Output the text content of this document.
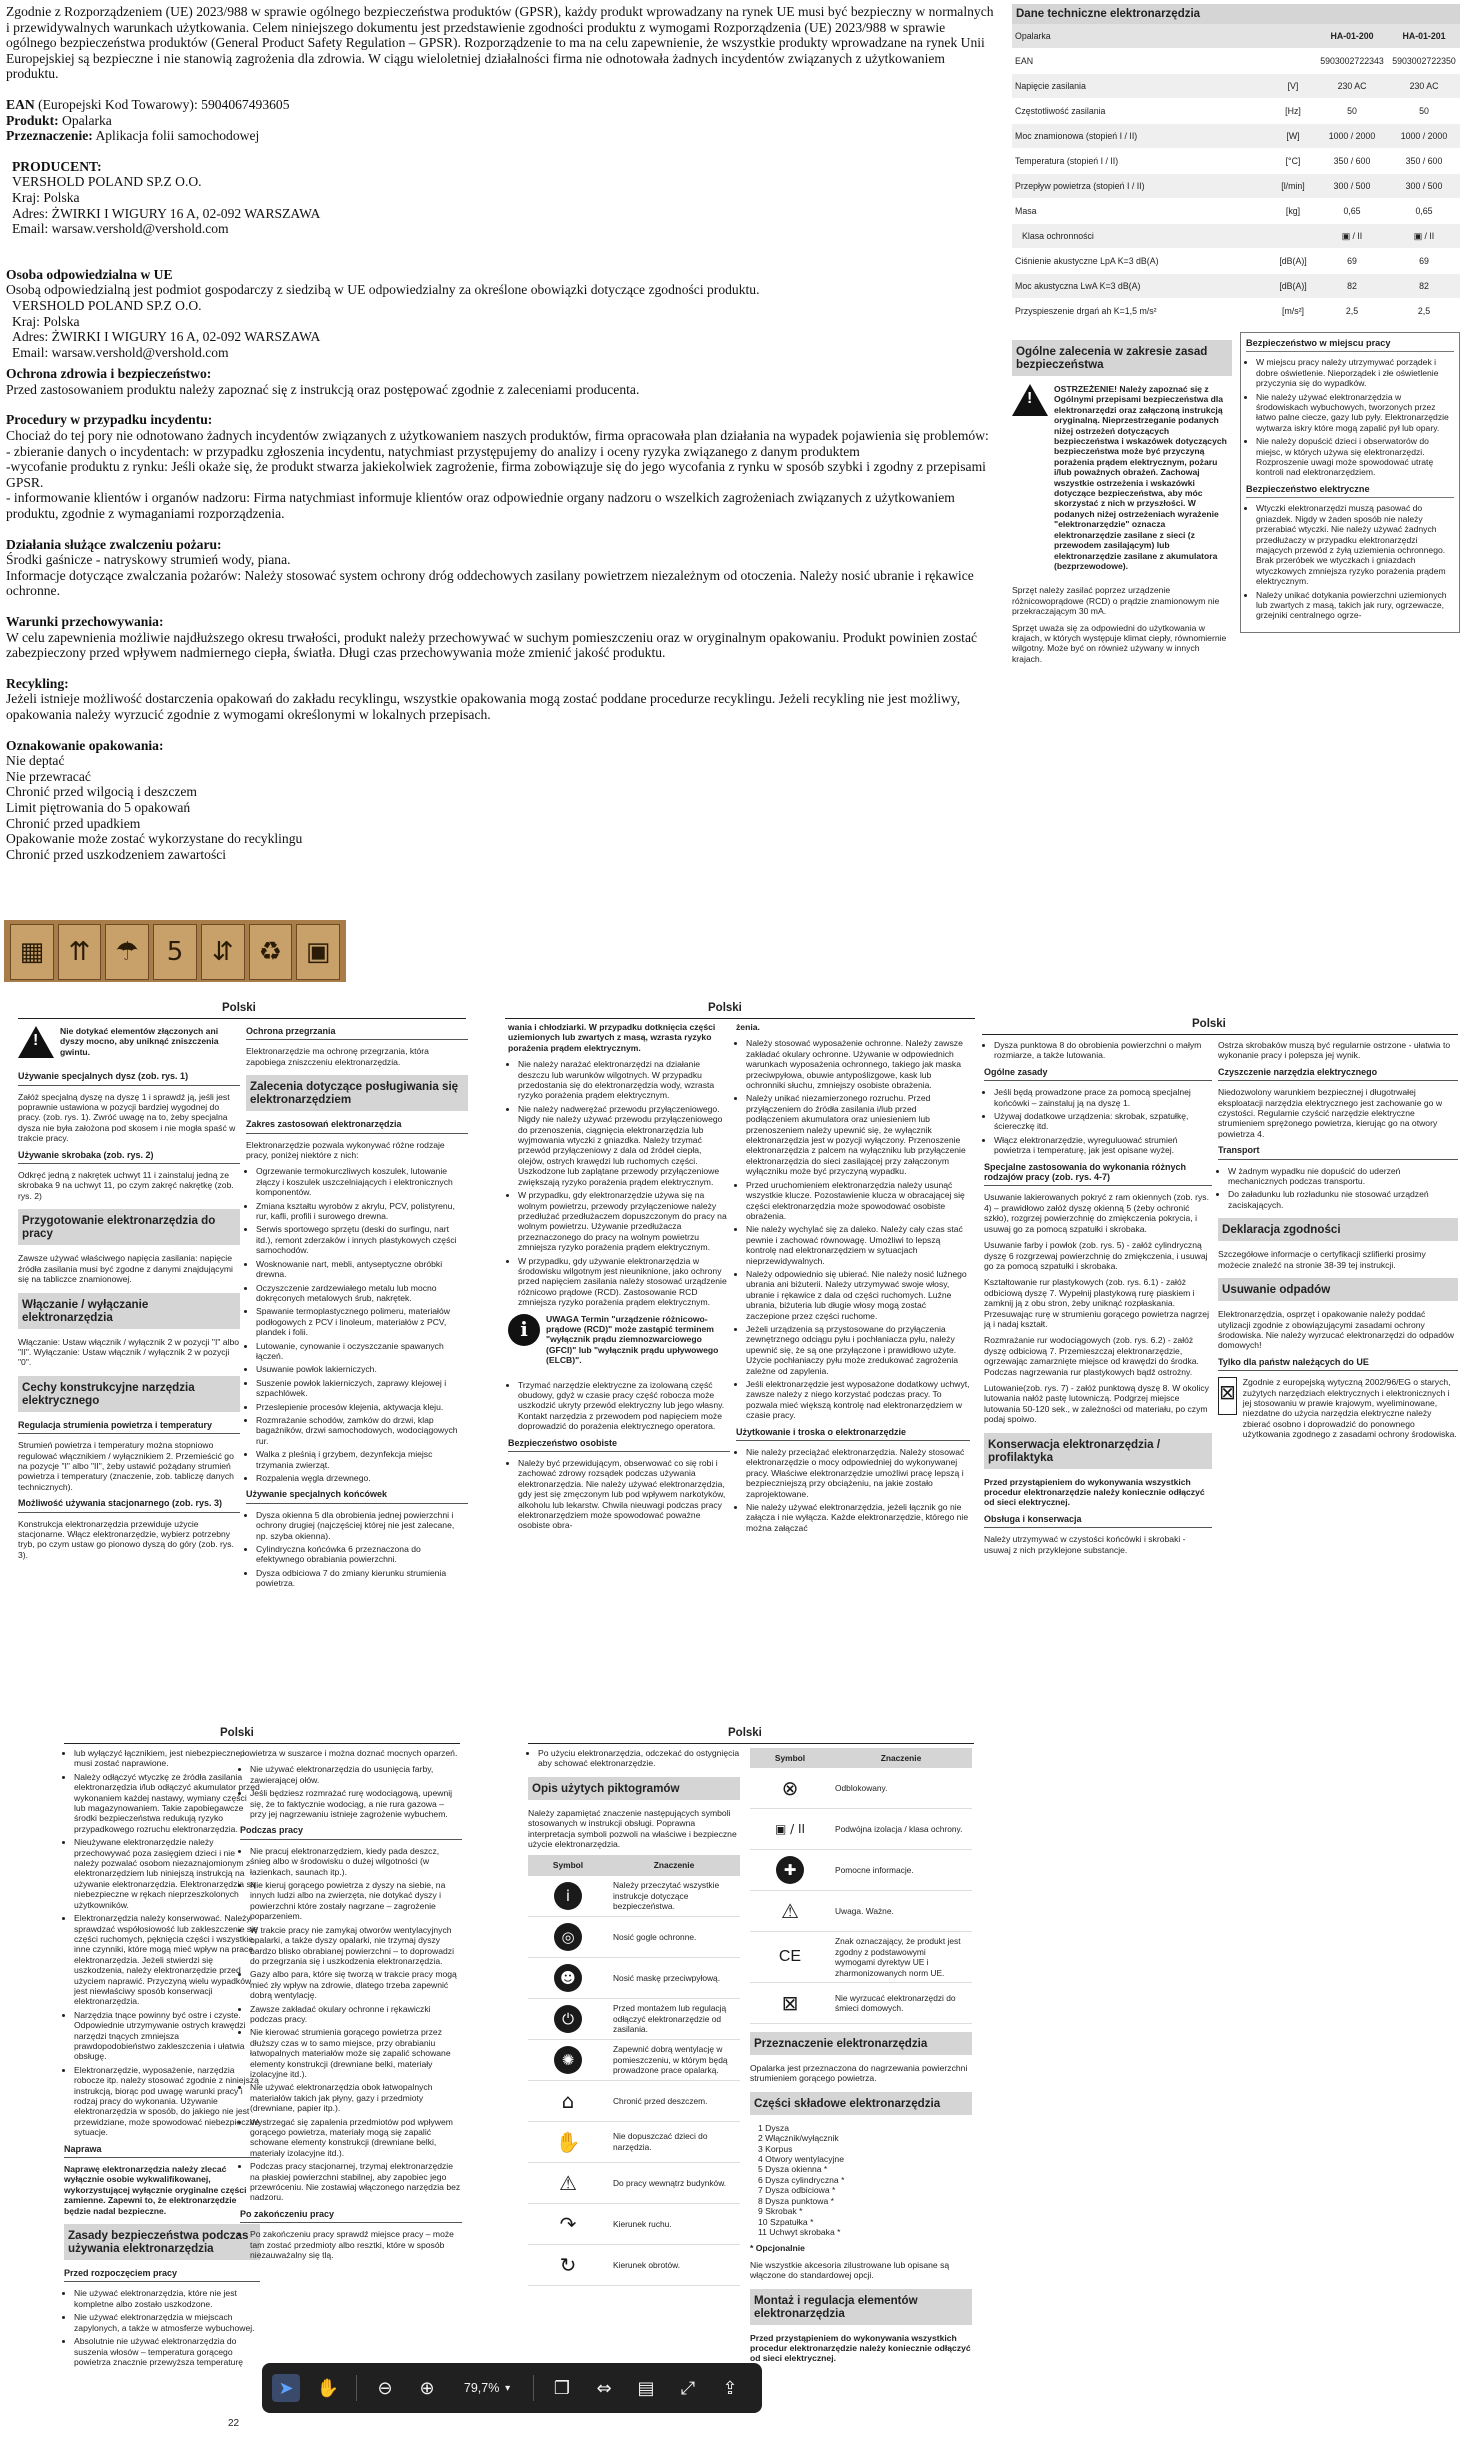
Zgodnie z Rozporządzeniem (UE) 2023/988 w sprawie ogólnego bezpieczeństwa produktów (GPSR), każdy produkt wprowadzany na rynek UE musi być bezpieczny w normalnych i przewidywalnych warunkach użytkowania. Celem niniejszego dokumentu jest przedstawienie zgodności produktu z wymogami Rozporządzenia (UE) 2023/988 w sprawie ogólnego bezpieczeństwa produktów (General Product Safety Regulation – GPSR). Rozporządzenie to ma na celu zapewnienie, że wszystkie produkty wprowadzane na rynek Unii Europejskiej są bezpieczne i nie stanowią zagrożenia dla zdrowia. W ciągu wieloletniej działalności firma nie odnotowała żadnych incydentów związanych z użytkowaniem produktu.

EAN (Europejski Kod Towarowy): 5904067493605

Produkt: Opalarka

Przeznaczenie: Aplikacja folii samochodowej

PRODUCENT:

VERSHOLD POLAND SP.Z O.O.

Kraj: Polska

Adres: ŻWIRKI I WIGURY 16 A, 02-092 WARSZAWA

Email: warsaw.vershold@vershold.com

Osoba odpowiedzialna w UE

Osobą odpowiedzialną jest podmiot gospodarczy z siedzibą w UE odpowiedzialny za określone obowiązki dotyczące zgodności produktu.

VERSHOLD POLAND SP.Z O.O.

Kraj: Polska

Adres: ŻWIRKI I WIGURY 16 A, 02-092 WARSZAWA

Email: warsaw.vershold@vershold.com

Ochrona zdrowia i bezpieczeństwo:

Przed zastosowaniem produktu należy zapoznać się z instrukcją oraz postępować zgodnie z zaleceniami producenta.

Procedury w przypadku incydentu:

Chociaż do tej pory nie odnotowano żadnych incydentów związanych z użytkowaniem naszych produktów, firma opracowała plan działania na wypadek pojawienia się problemów:

- zbieranie danych o incydentach: w przypadku zgłoszenia incydentu, natychmiast przystępujemy do analizy i oceny ryzyka związanego z danym produktem

-wycofanie produktu z rynku: Jeśli okaże się, że produkt stwarza jakiekolwiek zagrożenie, firma zobowiązuje się do jego wycofania z rynku w sposób szybki i zgodny z przepisami GPSR.

- informowanie klientów i organów nadzoru: Firma natychmiast informuje klientów oraz odpowiednie organy nadzoru o wszelkich zagrożeniach związanych z użytkowaniem produktu, zgodnie z wymaganiami rozporządzenia.

Działania służące zwalczeniu pożaru:

Środki gaśnicze - natryskowy strumień wody, piana.

Informacje dotyczące zwalczania pożarów: Należy stosować system ochrony dróg oddechowych zasilany powietrzem niezależnym od otoczenia. Należy nosić ubranie i rękawice ochronne.

Warunki przechowywania:

W celu zapewnienia możliwie najdłuższego okresu trwałości, produkt należy przechowywać w suchym pomieszczeniu oraz w oryginalnym opakowaniu. Produkt powinien zostać zabezpieczony przed wpływem nadmiernego ciepła, światła. Długi czas przechowywania może zmienić jakość produktu.

Recykling:

Jeżeli istnieje możliwość dostarczenia opakowań do zakładu recyklingu, wszystkie opakowania mogą zostać poddane procedurze recyklingu. Jeżeli recykling nie jest możliwy, opakowania należy wyrzucić zgodnie z wymogami określonymi w lokalnych przepisach.

Oznakowanie opakowania:

Nie deptać

Nie przewracać

Chronić przed wilgocią i deszczem

Limit piętrowania do 5 opakowań

Chronić przed upadkiem

Opakowanie może zostać wykorzystane do recyklingu

Chronić przed uszkodzeniem zawartości

▦ ⇈ ☂	5	⇵ ♻ ▣
Dane techniczne elektronarzędzia
Opalarka		HA-01-200	HA-01-201
EAN		5903002722343	5903002722350
Napięcie zasilania	[V]	230 AC	230 AC
Częstotliwość zasilania	[Hz]	50	50
Moc znamionowa (stopień I / II)	[W]	1000 / 2000	1000 / 2000
Temperatura (stopień I / II)	[°C]	350 / 600	350 / 600
Przepływ powietrza (stopień I / II)	[l/min]	300 / 500	300 / 500
Masa	[kg]	0,65	0,65
Klasa ochronności		▣ / II	▣ / II
Ciśnienie akustyczne LpA K=3 dB(A)	[dB(A)]	69	69
Moc akustyczna LwA K=3 dB(A)	[dB(A)]	82	82
Przyspieszenie drgań ah K=1,5 m/s²	[m/s²]	2,5	2,5
Ogólne zalecenia w zakresie zasad bezpieczeństwa
!

OSTRZEŻENIE! Należy zapoznać się z Ogólnymi przepisami bezpieczeństwa dla elektronarzędzi oraz załączoną instrukcją oryginalną. Nieprzestrzeganie podanych niżej ostrzeżeń dotyczących bezpieczeństwa i wskazówek dotyczących bezpieczeństwa może być przyczyną porażenia prądem elektrycznym, pożaru i/lub poważnych obrażeń. Zachowaj wszystkie ostrzeżenia i wskazówki dotyczące bezpieczeństwa, aby móc skorzystać z nich w przyszłości. W podanych niżej ostrzeżeniach wyrażenie "elektronarzędzie" oznacza elektronarzędzie zasilane z sieci (z przewodem zasilającym) lub elektronarzędzie zasilane z akumulatora (bezprzewodowe).

Sprzęt należy zasilać poprzez urządzenie różnicowoprądowe (RCD) o prądzie znamionowym nie przekraczającym 30 mA.

Sprzęt uważa się za odpowiedni do użytkowania w krajach, w których występuje klimat ciepły, równomiernie wilgotny. Może być on również używany w innych krajach.

Bezpieczeństwo w miejscu pracy
• W miejscu pracy należy utrzymywać porządek i dobre oświetlenie. Nieporządek i złe oświetlenie przyczynia się do wypadków.
• Nie należy używać elektronarzędzia w środowiskach wybuchowych, tworzonych przez łatwo palne ciecze, gazy lub pyły. Elektronarzędzie wytwarza iskry które mogą zapalić pył lub opary.
• Nie należy dopuścić dzieci i obserwatorów do miejsc, w których używa się elektronarzędzi. Rozproszenie uwagi może spowodować utratę kontroli nad elektronarzędziem.
Bezpieczeństwo elektryczne
• Wtyczki elektronarzędzi muszą pasować do gniazdek. Nigdy w żaden sposób nie należy przerabiać wtyczki. Nie należy używać żadnych przedłużaczy w przypadku elektronarzędzi mających przewód z żyłą uziemienia ochronnego. Brak przeróbek we wtyczkach i gniazdach wtyczkowych zmniejsza ryzyko porażenia prądem elektrycznym.
• Należy unikać dotykania powierzchni uziemionych lub zwartych z masą, takich jak rury, ogrzewacze, grzejniki centralnego ogrze-
Polski	Polski
Polski
!

Nie dotykać elementów złączonych ani dyszy mocno, aby uniknąć zniszczenia gwintu.

Używanie specjalnych dysz (zob. rys. 1)

Załóż specjalną dyszę na dyszę 1 i sprawdź ją, jeśli jest poprawnie ustawiona w pozycji bardziej wygodnej do pracy. (zob. rys. 1). Zwróć uwagę na to, żeby specjalna dysza nie była założona pod skosem i nie mogła spaść w trakcie pracy.

Używanie skrobaka (zob. rys. 2)

Odkręć jedną z nakrętek uchwyt 11 i zainstaluj jedną ze skrobaka 9 na uchwyt 11, po czym zakręć nakrętkę (zob. rys. 2)

Przygotowanie elektronarzędzia do pracy

Zawsze używać właściwego napięcia zasilania: napięcie źródła zasilania musi być zgodne z danymi znajdującymi się na tabliczce znamionowej.

Włączanie / wyłączanie elektronarzędzia

Włączanie: Ustaw włącznik / wyłącznik 2 w pozycji "I" albo "II". Wyłączanie: Ustaw włącznik / wyłącznik 2 w pozycji "0".

Cechy konstrukcyjne narzędzia elektrycznego
Regulacja strumienia powietrza i temperatury

Strumień powietrza i temperatury można stopniowo regulować włącznikiem / wyłącznikiem 2. Przemieścić go na pozycje "I" albo "II", żeby ustawić pożądany strumień powietrza i temperatury (znaczenie, zob. tabliczę danych technicznych).

Możliwość używania stacjonarnego (zob. rys. 3)

Konstrukcja elektronarzędzia przewiduje użycie stacjonarne. Włącz elektronarzędzie, wybierz potrzebny tryb, po czym ustaw go pionowo dyszą do góry (zob. rys. 3).

Ochrona przegrzania

Elektronarzędzie ma ochronę przegrzania, która zapobiega zniszczeniu elektronarzędzia.

Zalecenia dotyczące posługiwania się elektronarzędziem
Zakres zastosowań elektronarzędzia

Elektronarzędzie pozwala wykonywać różne rodzaje pracy, poniżej niektóre z nich:

• Ogrzewanie termokurczliwych koszulek, lutowanie złączy i koszulek uszczelniających i elektronicznych komponentów.
• Zmiana kształtu wyrobów z akrylu, PCV, polistyrenu, rur, kafli, profili i surowego drewna.
• Serwis sportowego sprzętu (deski do surfingu, nart itd.), remont zderzaków i innych plastykowych części samochodów.
• Wosknowanie nart, mebli, antyseptyczne obróbki drewna.
• Oczyszczenie zardzewiałego metalu lub mocno dokręconych metalowych śrub, nakrętek.
• Spawanie termoplastycznego polimeru, materiałów podłogowych z PCV i linoleum, materiałów z PCV, plandek i folii.
• Lutowanie, cynowanie i oczyszczanie spawanych łączeń.
• Usuwanie powłok lakierniczych.
• Suszenie powłok lakierniczych, zaprawy klejowej i szpachlówek.
• Przeslepienie procesów klejenia, aktywacja kleju.
• Rozmrażanie schodów, zamków do drzwi, klap bagażników, drzwi samochodowych, wodociągowych rur.
• Walka z pleśnią i grzybem, dezynfekcja miejsc trzymania zwierząt.
• Rozpalenia węgla drzewnego.
Używanie specjalnych końcówek
• Dysza okienna 5 dla obrobienia jednej powierzchni i ochrony drugiej (najczęściej której nie jest zalecane, np. szyba okienna).
• Cylindryczna końcówka 6 przeznaczona do efektywnego obrabiania powierzchni.
• Dysza odbiciowa 7 do zmiany kierunku strumienia powietrza.

wania i chłodziarki. W przypadku dotknięcia części uziemionych lub zwartych z masą, wzrasta ryzyko porażenia prądem elektrycznym.

• Nie należy narażać elektronarzędzi na działanie deszczu lub warunków wilgotnych. W przypadku przedostania się do elektronarzędzia wody, wzrasta ryzyko porażenia prądem elektrycznym.
• Nie należy nadwerężać przewodu przyłączeniowego. Nigdy nie należy używać przewodu przyłączeniowego do przenoszenia, ciągnięcia elektronarzędzia lub wyjmowania wtyczki z gniazdka. Należy trzymać przewód przyłączeniowy z dala od źródeł ciepła, olejów, ostrych krawędzi lub ruchomych części. Uszkodzone lub zaplątane przewody przyłączeniowe zwiększają ryzyko porażenia prądem elektrycznym.
• W przypadku, gdy elektronarzędzie używa się na wolnym powietrzu, przewody przyłączeniowe należy przedłużać przedłużaczem dopuszczonym do pracy na wolnym powietrzu. Używanie przedłużacza przeznaczonego do pracy na wolnym powietrzu zmniejsza ryzyko porażenia prądem elektrycznym.
• W przypadku, gdy używanie elektronarzędzia w środowisku wilgotnym jest nieuniknione, jako ochrony przed napięciem zasilania należy stosować urządzenie różnicowo prądowe (RCD). Zastosowanie RCD zmniejsza ryzyko porażenia prądem elektrycznym.
i	UWAGA Termin "urządzenie różnicowo-prądowe (RCD)" może zastąpić terminem "wyłącznik prądu ziemnozwarciowego (GFCI)" lub "wyłącznik prądu upływowego (ELCB)".

• Trzymać narzędzie elektryczne za izolowaną część obudowy, gdyż w czasie pracy część robocza może uszkodzić ukryty przewód elektryczny lub jego własny. Kontakt narzędzia z przewodem pod napięciem może doprowadzić do porażenia elektrycznego operatora.
Bezpieczeństwo osobiste
• Należy być przewidującym, obserwować co się robi i zachować zdrowy rozsądek podczas używania elektronarzędzia. Nie należy używać elektronarzędzia, gdy jest się zmęczonym lub pod wpływem narkotyków, alkoholu lub lekarstw. Chwila nieuwagi podczas pracy elektronarzędziem może spowodować poważne osobiste obra-

żenia.

• Należy stosować wyposażenie ochronne. Należy zawsze zakładać okulary ochronne. Używanie w odpowiednich warunkach wyposażenia ochronnego, takiego jak maska przeciwpyłowa, obuwie antypoślizgowe, kask lub ochronniki słuchu, zmniejszy osobiste obrażenia.
• Należy unikać niezamierzonego rozruchu. Przed przyłączeniem do źródła zasilania i/lub przed podłączeniem akumulatora oraz uniesieniem lub przenoszeniem należy upewnić się, że wyłącznik elektronarzędzia jest w pozycji wyłączony. Przenoszenie elektronarzędzia z palcem na wyłączniku lub przyłączenie elektronarzędzia do sieci zasilającej przy załączonym wyłączniku może być przyczyną wypadku.
• Przed uruchomieniem elektronarzędzia należy usunąć wszystkie klucze. Pozostawienie klucza w obracającej się części elektronarzędzia może spowodować osobiste obrażenia.
• Nie należy wychylać się za daleko. Należy cały czas stać pewnie i zachować równowagę. Umożliwi to lepszą kontrolę nad elektronarzędziem w sytuacjach nieprzewidywalnych.
• Należy odpowiednio się ubierać. Nie należy nosić luźnego ubrania ani biżuterii. Należy utrzymywać swoje włosy, ubranie i rękawice z dala od części ruchomych. Luźne ubrania, biżuteria lub długie włosy mogą zostać zaczepione przez części ruchome.
• Jeżeli urządzenia są przystosowane do przyłączenia zewnętrznego odciągu pyłu i pochłaniacza pyłu, należy upewnić się, że są one przyłączone i prawidłowo użyte. Użycie pochłaniaczy pyłu może zredukować zagrożenia zależne od zapylenia.
• Jeśli elektronarzędzie jest wyposażone dodatkowy uchwyt, zawsze należy z niego korzystać podczas pracy. To pozwala mieć większą kontrolę nad elektronarzędziem w czasie pracy.
Użytkowanie i troska o elektronarzędzie
• Nie należy przeciążać elektronarzędzia. Należy stosować elektronarzędzie o mocy odpowiedniej do wykonywanej pracy. Właściwe elektronarzędzie umożliwi pracę lepszą i bezpieczniejszą przy obciążeniu, na jakie zostało zaprojektowane.
• Nie należy używać elektronarzędzia, jeżeli łącznik go nie załącza i nie wyłącza. Każde elektronarzędzie, którego nie można załączać
• Dysza punktowa 8 do obrobienia powierzchni o małym rozmiarze, a także lutowania.
Ogólne zasady
• Jeśli będą prowadzone prace za pomocą specjalnej końcówki – zainstaluj ją na dyszę 1.
• Używaj dodatkowe urządzenia: skrobak, szpatułkę, ściereczkę itd.
• Włącz elektronarzędzie, wyreguluować strumień powietrza i temperaturę, jak jest opisane wyżej.
Specjalne zastosowania do wykonania różnych rodzajów pracy (zob. rys. 4-7)

Usuwanie lakierowanych pokryć z ram okiennych (zob. rys. 4) – prawidłowo załóż dyszę okienną 5 (żeby ochronić szkło), rozgrzej powierzchnię do zmiękczenia pokrycia, i usuwaj go za pomocą szpatułki i skrobaka.

Usuwanie farby i powłok (zob. rys. 5) - załóż cylindryczną dyszę 6 rozgrzewaj powierzchnię do zmiękczenia, i usuwaj go za pomocą szpatułki i skrobaka.

Kształtowanie rur plastykowych (zob. rys. 6.1) - załóż odbiciową dyszę 7. Wypełnij plastykową rurę piaskiem i zamknij ją z obu stron, żeby uniknąć rozpłaskania. Przesuwając rurę w strumieniu gorącego powietrza nagrzej ją i nadaj kształt.

Rozmrażanie rur wodociągowych (zob. rys. 6.2) - załóż dyszę odbiciową 7. Przemieszczaj elektronarzędzie, ogrzewając zamarznięte miejsce od krawędzi do środka. Podczas nagrzewania rur plastykowych bądź ostrożny.

Lutowanie(zob. rys. 7) - załóż punktową dyszę 8. W okolicy lutowania nałóż pastę lutowniczą. Podgrzej miejsce lutowania 50-120 sek., w zależności od materiału, po czym podaj spoiwo.

Konserwacja elektronarzędzia / profilaktyka

Przed przystąpieniem do wykonywania wszystkich procedur elektronarzędzie należy koniecznie odłączyć od sieci elektrycznej.

Obsługa i konserwacja

Należy utrzymywać w czystości końcówki i skrobaki - usuwaj z nich przyklejone substancje.

Ostrza skrobaków muszą być regularnie ostrzone - ułatwia to wykonanie pracy i polepsza jej wynik.

Czyszczenie narzędzia elektrycznego

Niedozwolony warunkiem bezpiecznej i długotrwałej eksploatacji narzędzia elektrycznego jest zachowanie go w czystości. Regularnie czyścić narzędzie elektryczne strumieniem sprężonego powietrza, kierując go na otwory powietrza 4.

Transport
• W żadnym wypadku nie dopuścić do uderzeń mechanicznych podczas transportu.
• Do załadunku lub rozładunku nie stosować urządzeń zaciskających.
Deklaracja zgodności

Szczegółowe informacje o certyfikacji szlifierki prosimy możecie znaleźć na stronie 38-39 tej instrukcji.

Usuwanie odpadów

Elektronarzędzia, osprzęt i opakowanie należy poddać utylizacji zgodnie z obowiązującymi zasadami ochrony środowiska. Nie należy wyrzucać elektronarzędzi do odpadów domowych!

Tylko dla państw należących do UE
⊠ Zgodnie z europejską wytyczną 2002/96/EG o starych, zużytych narzędziach elektrycznych i elektronicznych i jej stosowaniu w prawie krajowym, wyeliminowane, niezdatne do użycia narzędzia elektryczne należy zbierać osobno i doprowadzić do ponownego użytkowania zgodnego z zasadami ochrony środowiska.

Polski	Polski
• lub wyłączyć łącznikiem, jest niebezpieczne i musi zostać naprawione.
• Należy odłączyć wtyczkę ze źródła zasilania elektronarzędzia i/lub odłączyć akumulator przed wykonaniem każdej nastawy, wymiany części lub magazynowaniem. Takie zapobiegawcze środki bezpieczeństwa redukują ryzyko przypadkowego rozruchu elektronarzędzia.
• Nieużywane elektronarzędzie należy przechowywać poza zasięgiem dzieci i nie należy pozwalać osobom niezaznajomionym z elektronarzędziem lub niniejszą instrukcją na używanie elektronarzędzia. Elektronarzędzia są niebezpieczne w rękach nieprzeszkolonych użytkowników.
• Elektronarzędzia należy konserwować. Należy sprawdzać współosiowość lub zakleszczenie się części ruchomych, pęknięcia części i wszystkie inne czynniki, które mogą mieć wpływ na pracę elektronarzędzia. Jeżeli stwierdzi się uszkodzenia, należy elektronarzędzie przed użyciem naprawić. Przyczyną wielu wypadków jest niewłaściwy sposób konserwacji elektronarzędzia.
• Narzędzia tnące powinny być ostre i czyste. Odpowiednie utrzymywanie ostrych krawędzi narzędzi tnących zmniejsza prawdopodobieństwo zakleszczenia i ułatwia obsługę.
• Elektronarzędzie, wyposażenie, narzędzia robocze itp. należy stosować zgodnie z niniejszą instrukcją, biorąc pod uwagę warunki pracy i rodzaj pracy do wykonania. Używanie elektronarzędzia w sposób, do jakiego nie jest przewidziane, może spowodować niebezpieczne sytuacje.
Naprawa

Naprawę elektronarzędzia należy zlecać wyłącznie osobie wykwalifikowanej, wykorzystującej wyłącznie oryginalne części zamienne. Zapewni to, że elektronarzędzie będzie nadal bezpieczne.

Zasady bezpieczeństwa podczas używania elektronarzędzia
Przed rozpoczęciem pracy
• Nie używać elektronarzędzia, które nie jest kompletne albo zostało uszkodzone.
• Nie używać elektronarzędzia w miejscach zapylonych, a także w atmosferze wybuchowej.
• Absolutnie nie używać elektronarzędzia do suszenia włosów – temperatura gorącego powietrza znacznie przewyższa temperaturę

powietrza w suszarce i można doznać mocnych oparzeń.

• Nie używać elektronarzędzia do usunięcia farby, zawierającej ołów.
• Jeśli będziesz rozmrażać rurę wodociągową, upewnij się, że to faktycznie wodociąg, a nie rura gazowa – przy jej nagrzewaniu istnieje zagrożenie wybuchem.
Podczas pracy
• Nie pracuj elektronarzędziem, kiedy pada deszcz, śnieg albo w środowisku o dużej wilgotności (w łazienkach, saunach itp.).
• Nie kieruj gorącego powietrza z dyszy na siebie, na innych ludzi albo na zwierzęta, nie dotykać dyszy i powierzchni które zostały nagrzane – zagrożenie poparzeniem.
• W trakcie pracy nie zamykaj otworów wentylacyjnych opalarki, a także dyszy opalarki, nie trzymaj dyszy bardzo blisko obrabianej powierzchni – to doprowadzi do przegrzania się i uszkodzenia elektronarzędzia.
• Gazy albo para, które się tworzą w trakcie pracy mogą mieć zły wpływ na zdrowie, dlatego trzeba zapewnić dobrą wentylację.
• Zawsze zakładać okulary ochronne i rękawiczki podczas pracy.
• Nie kierować strumienia gorącego powietrza przez dłuższy czas w to samo miejsce, przy obrabianiu łatwopalnych materiałów może się zapalić schowane elementy konstrukcji (drewniane belki, materiały izolacyjne itd.).
• Nie używać elektronarzędzia obok łatwopalnych materiałów takich jak płyny, gazy i przedmioty (drewniane, papier itp.).
• Wystrzegać się zapalenia przedmiotów pod wpływem gorącego powietrza, materiały mogą się zapalić schowane elementy konstrukcji (drewniane belki, materiały izolacyjne itd.).
• Podczas pracy stacjonarnej, trzymaj elektronarzędzie na płaskiej powierzchni stabilnej, aby zapobiec jego przewróceniu. Nie zostawiaj włączonego narzędzia bez nadzoru.
Po zakończeniu pracy
• Po zakończeniu pracy sprawdź miejsce pracy – może tam zostać przedmioty albo resztki, które w sposób niezauważalny się tlą.
• Po użyciu elektronarzędzia, odczekać do ostygnięcia aby schować elektronarzędzie.
Opis użytych piktogramów

Należy zapamiętać znaczenie następujących symboli stosowanych w instrukcji obsługi. Poprawna interpretacja symboli pozwoli na właściwe i bezpieczne użycie elektronarzędzia.

Symbol	Znaczenie
i	Należy przeczytać wszystkie instrukcje dotyczące bezpieczeństwa.
◎	Nosić gogle ochronne.
☻	Nosić maskę przeciwpyłową.
⏻	Przed montażem lub regulacją odłączyć elektronarzędzie od zasilania.
✺	Zapewnić dobrą wentylację w pomieszczeniu, w którym będą prowadzone prace opalarką.
⌂	Chronić przed deszczem.
✋	Nie dopuszczać dzieci do narzędzia.
⚠	Do pracy wewnątrz budynków.
↷	Kierunek ruchu.
↻	Kierunek obrotów.
Symbol	Znaczenie
⊗	Odblokowany.
▣ / II	Podwójna izolacja / klasa ochrony.
✚	Pomocne informacje.
⚠	Uwaga. Ważne.
CE	Znak oznaczający, że produkt jest zgodny z podstawowymi wymogami dyrektyw UE i zharmonizowanych norm UE.
⊠	Nie wyrzucać elektronarzędzi do śmieci domowych.
Przeznaczenie elektronarzędzia

Opalarka jest przeznaczona do nagrzewania powierzchni strumieniem gorącego powietrza.

Części składowe elektronarzędzia

1 Dysza

2 Włącznik/wyłącznik

3 Korpus

4 Otwory wentylacyjne

5 Dysza okienna *

6 Dysza cylindryczna *

7 Dysza odbiciowa *

8 Dysza punktowa *

9 Skrobak *

10 Szpatułka *

11 Uchwyt skrobaka *

* Opcjonalnie

Nie wszystkie akcesoria zilustrowane lub opisane są włączone do standardowej opcji.

Montaż i regulacja elementów elektronarzędzia

Przed przystąpieniem do wykonywania wszystkich procedur elektronarzędzie należy koniecznie odłączyć od sieci elektrycznej.

22
➤	✋	⊖	⊕	79,7%
▾	❐	⇔	▤	⤢	⇪
